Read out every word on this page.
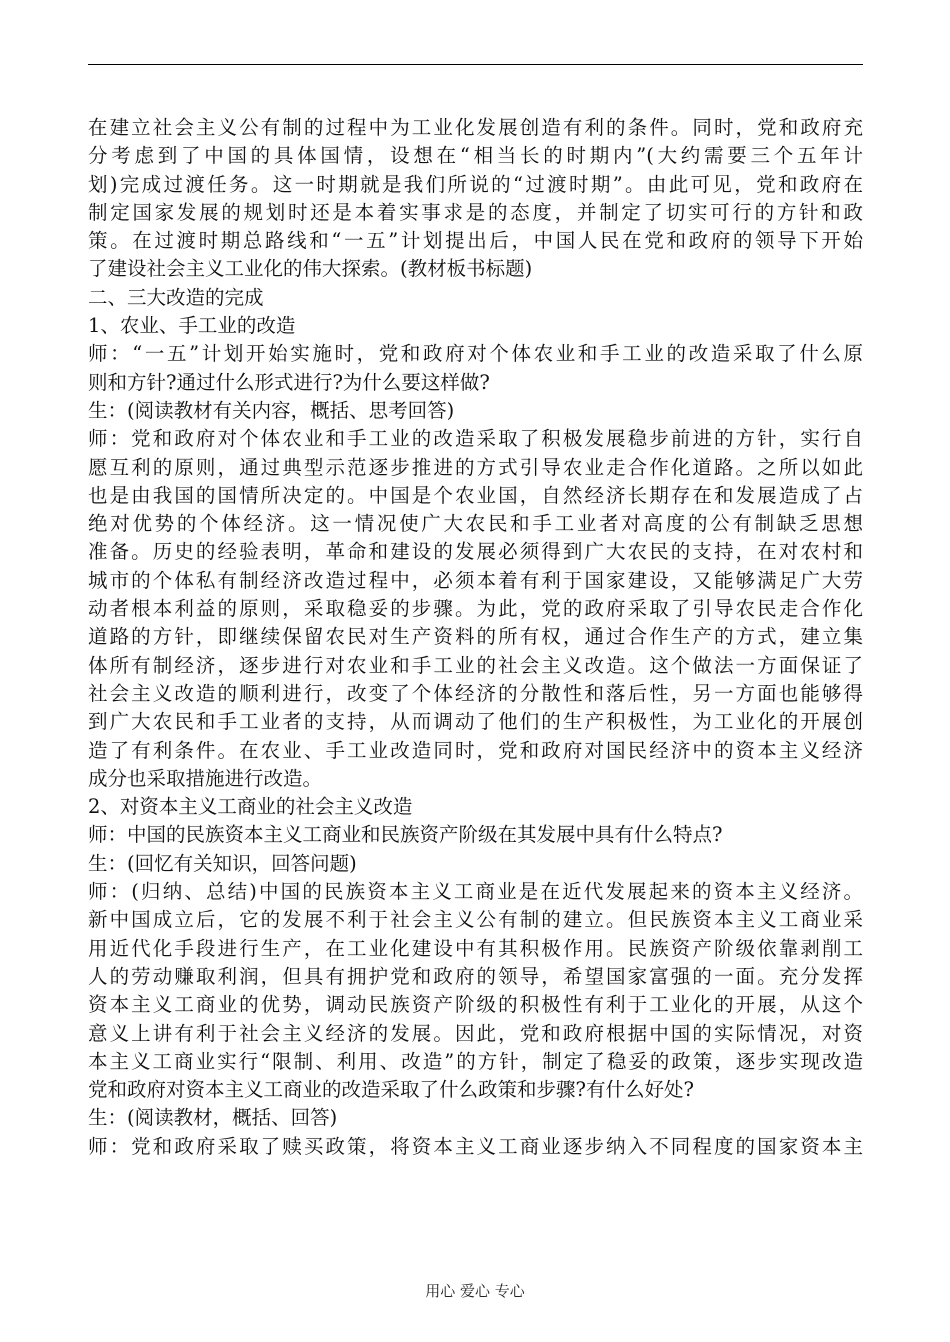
在建立社会主义公有制的过程中为工业化发展创造有利的条件。同时，党和政府充
分考虑到了中国的具体国情，设想在“相当长的时期内”(大约需要三个五年计
划)完成过渡任务。这一时期就是我们所说的“过渡时期”。由此可见，党和政府在
制定国家发展的规划时还是本着实事求是的态度，并制定了切实可行的方针和政
策。在过渡时期总路线和“一五”计划提出后，中国人民在党和政府的领导下开始
了建设社会主义工业化的伟大探索。(教材板书标题)
二、三大改造的完成
1、农业、手工业的改造
师：“一五”计划开始实施时，党和政府对个体农业和手工业的改造采取了什么原
则和方针?通过什么形式进行?为什么要这样做?
生：(阅读教材有关内容，概括、思考回答)
师：党和政府对个体农业和手工业的改造采取了积极发展稳步前进的方针，实行自
愿互利的原则，通过典型示范逐步推进的方式引导农业走合作化道路。之所以如此
也是由我国的国情所决定的。中国是个农业国，自然经济长期存在和发展造成了占
绝对优势的个体经济。这一情况使广大农民和手工业者对高度的公有制缺乏思想
准备。历史的经验表明，革命和建设的发展必须得到广大农民的支持，在对农村和
城市的个体私有制经济改造过程中，必须本着有利于国家建设，又能够满足广大劳
动者根本利益的原则，采取稳妥的步骤。为此，党的政府采取了引导农民走合作化
道路的方针，即继续保留农民对生产资料的所有权，通过合作生产的方式，建立集
体所有制经济，逐步进行对农业和手工业的社会主义改造。这个做法一方面保证了
社会主义改造的顺利进行，改变了个体经济的分散性和落后性，另一方面也能够得
到广大农民和手工业者的支持，从而调动了他们的生产积极性，为工业化的开展创
造了有利条件。在农业、手工业改造同时，党和政府对国民经济中的资本主义经济
成分也采取措施进行改造。
2、对资本主义工商业的社会主义改造
师：中国的民族资本主义工商业和民族资产阶级在其发展中具有什么特点?
生：(回忆有关知识，回答问题)
师：(归纳、总结)中国的民族资本主义工商业是在近代发展起来的资本主义经济。
新中国成立后，它的发展不利于社会主义公有制的建立。但民族资本主义工商业采
用近代化手段进行生产，在工业化建设中有其积极作用。民族资产阶级依靠剥削工
人的劳动赚取利润，但具有拥护党和政府的领导，希望国家富强的一面。充分发挥
资本主义工商业的优势，调动民族资产阶级的积极性有利于工业化的开展，从这个
意义上讲有利于社会主义经济的发展。因此，党和政府根据中国的实际情况，对资
本主义工商业实行“限制、利用、改造”的方针，制定了稳妥的政策，逐步实现改造
党和政府对资本主义工商业的改造采取了什么政策和步骤?有什么好处?
生：(阅读教材，概括、回答)
师：党和政府采取了赎买政策，将资本主义工商业逐步纳入不同程度的国家资本主
用心 爱心 专心
